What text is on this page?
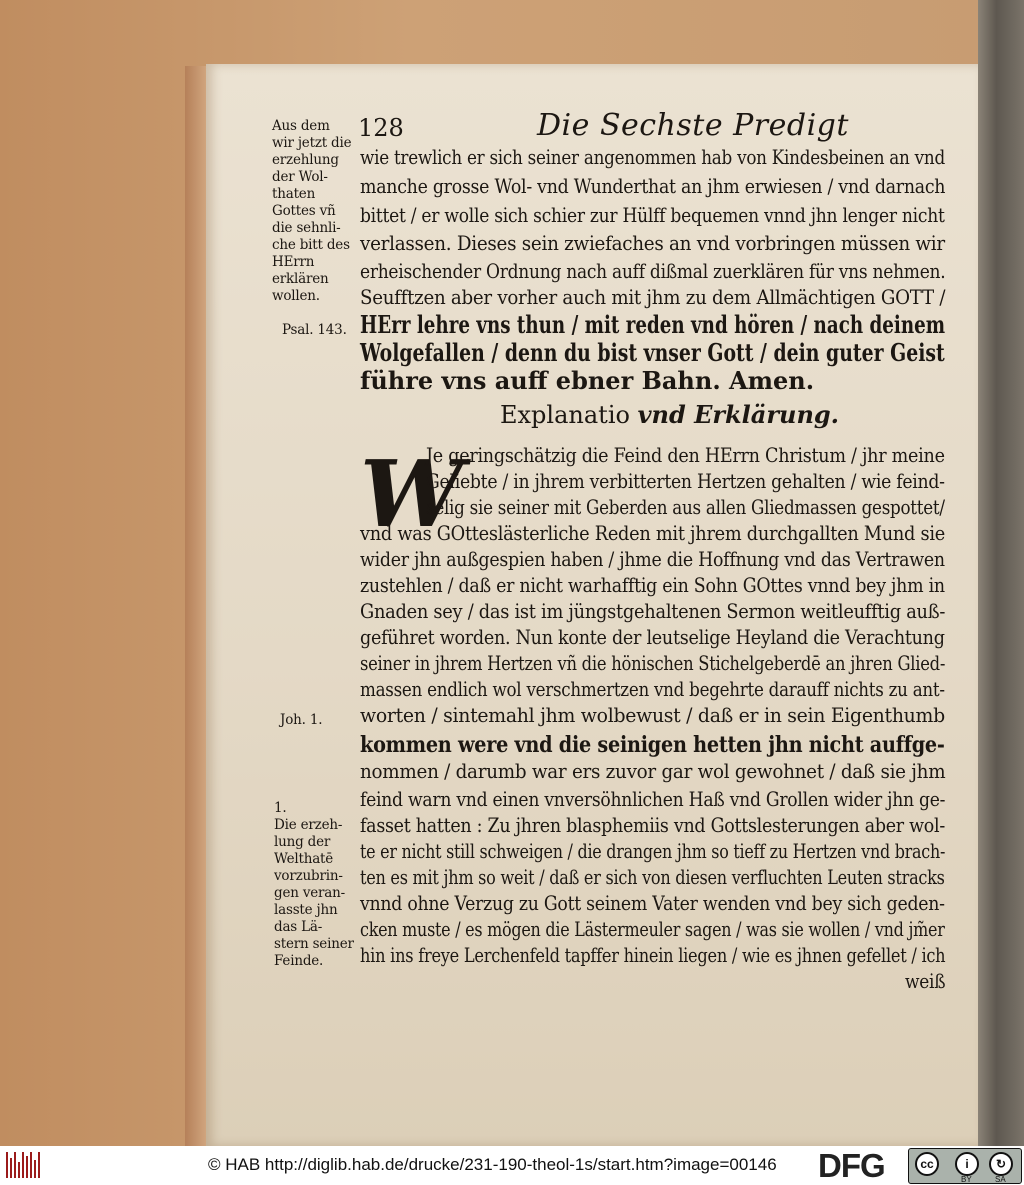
Aus dem
wir jetzt die
erzehlung
der Wol-
thaten
Gottes vñ
die sehnli-
che bitt des
HErrn
erklären
wollen.
Psal. 143.
Joh. 1.
1.
Die erzeh-
lung der
Welthatē
vorzubrin-
gen veran-
lasste jhn
das Lä-
stern seiner
Feinde.
128	Die Sechste Predigt
wie trewlich er sich seiner angenommen hab von Kindesbeinen an vnd
manche grosse Wol- vnd Wunderthat an jhm erwiesen / vnd darnach
bittet / er wolle sich schier zur Hülff bequemen vnnd jhn lenger nicht
verlassen. Dieses sein zwiefaches an vnd vorbringen müssen wir
erheischender Ordnung nach auff dißmal zuerklären für vns nehmen.
Seufftzen aber vorher auch mit jhm zu dem Allmächtigen GOTT /
HErr lehre vns thun / mit reden vnd hören / nach deinem
Wolgefallen / denn du bist vnser Gott / dein guter Geist
führe vns auff ebner Bahn. Amen.
Explanatio vnd Erklärung.
W
Je geringschätzig die Feind den HErrn Christum / jhr meine
Geliebte / in jhrem verbitterten Hertzen gehalten / wie feind-
selig sie seiner mit Geberden aus allen Gliedmassen gespottet/
vnd was GOtteslästerliche Reden mit jhrem durchgallten Mund sie
wider jhn außgespien haben / jhme die Hoffnung vnd das Vertrawen
zustehlen / daß er nicht warhafftig ein Sohn GOttes vnnd bey jhm in
Gnaden sey / das ist im jüngstgehaltenen Sermon weitleufftig auß-
geführet worden. Nun konte der leutselige Heyland die Verachtung
seiner in jhrem Hertzen vñ die hönischen Stichelgeberdē an jhren Glied-
massen endlich wol verschmertzen vnd begehrte darauff nichts zu ant-
worten / sintemahl jhm wolbewust / daß er in sein Eigenthumb
kommen were vnd die seinigen hetten jhn nicht auffge-
nommen / darumb war ers zuvor gar wol gewohnet / daß sie jhm
feind warn vnd einen vnversöhnlichen Haß vnd Grollen wider jhn ge-
fasset hatten : Zu jhren blasphemiis vnd Gottslesterungen aber wol-
te er nicht still schweigen / die drangen jhm so tieff zu Hertzen vnd brach-
ten es mit jhm so weit / daß er sich von diesen verfluchten Leuten stracks
vnnd ohne Verzug zu Gott seinem Vater wenden vnd bey sich geden-
cken muste / es mögen die Lästermeuler sagen / was sie wollen / vnd jm̃er
hin ins freye Lerchenfeld tapffer hinein liegen / wie es jhnen gefellet / ich
weiß
© HAB http://diglib.hab.de/drucke/231-190-theol-1s/start.htm?image=00146 DFG	cc	i	↻
BY	SA
